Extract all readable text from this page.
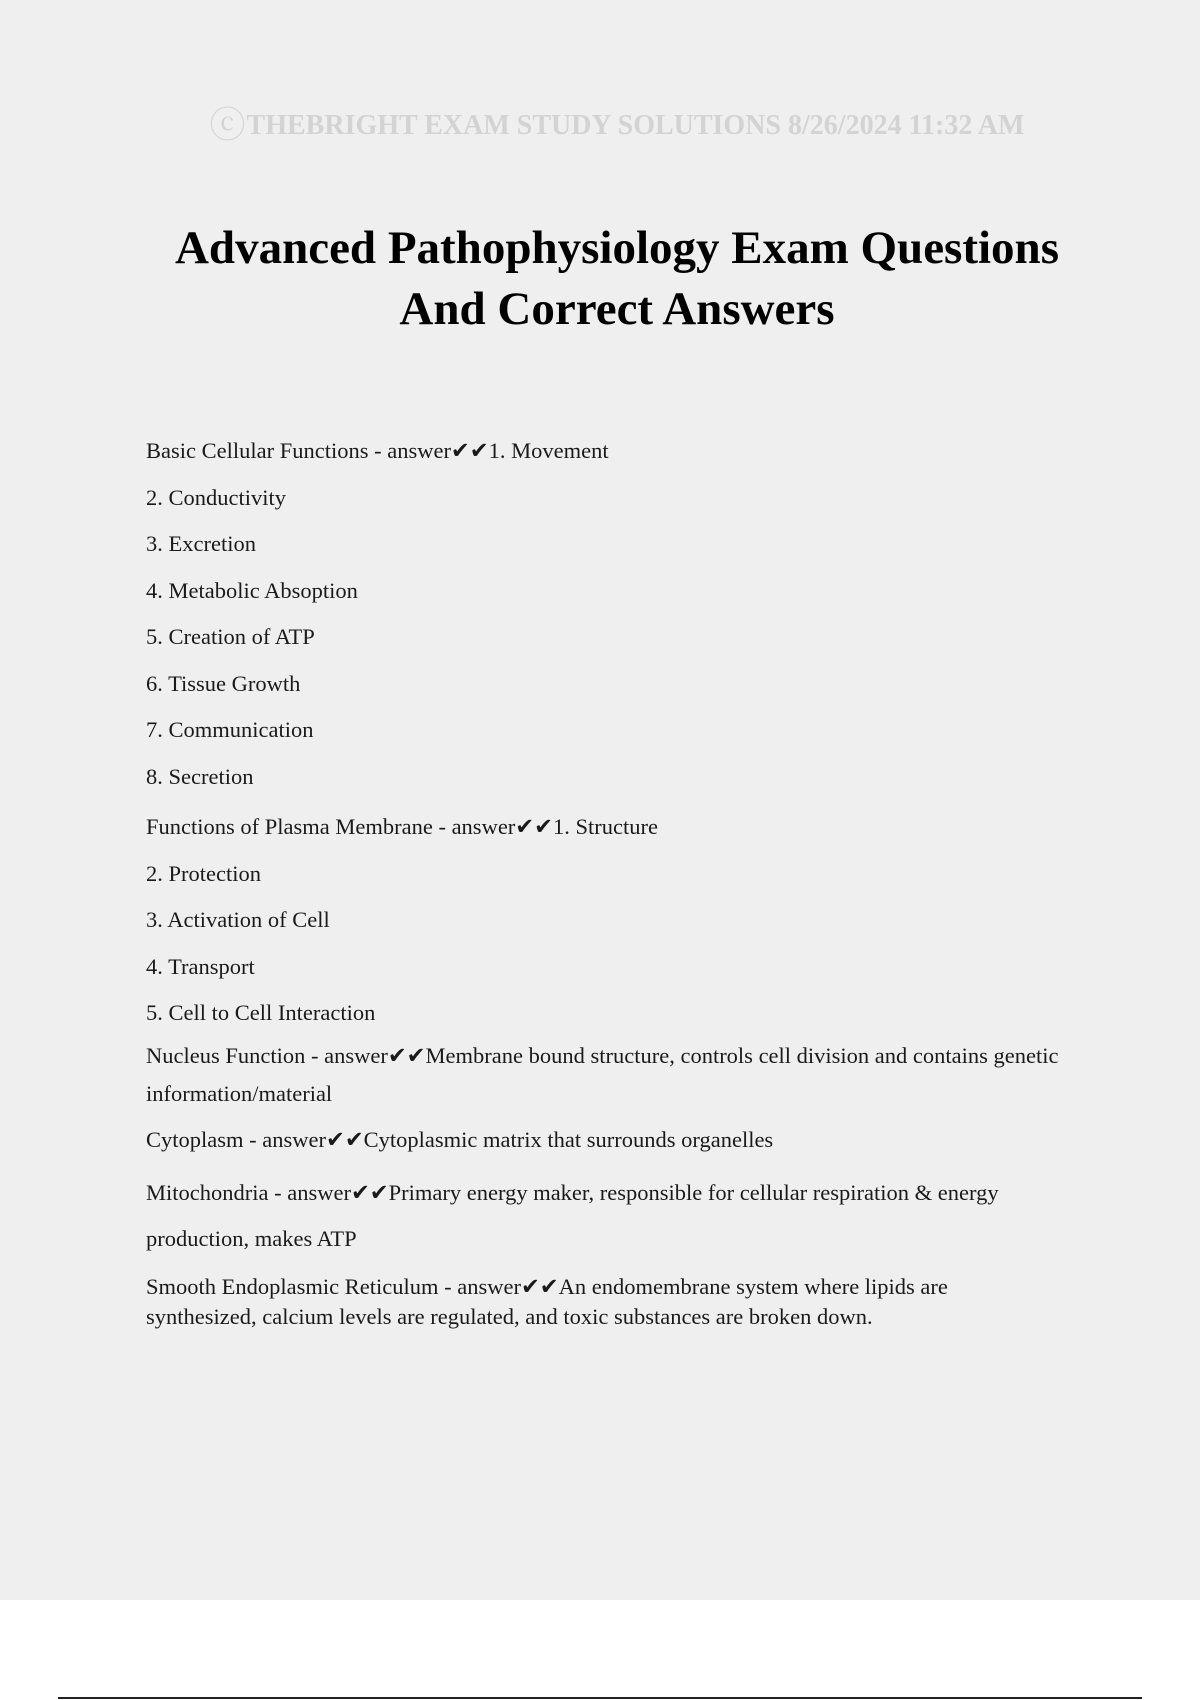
ⓒTHEBRIGHT EXAM STUDY SOLUTIONS 8/26/2024 11:32 AM
Advanced Pathophysiology Exam Questions
And Correct Answers
Basic Cellular Functions - answer✔✔1. Movement
2. Conductivity
3. Excretion
4. Metabolic Absoption
5. Creation of ATP
6. Tissue Growth
7. Communication
8. Secretion
Functions of Plasma Membrane - answer✔✔1. Structure
2. Protection
3. Activation of Cell
4. Transport
5. Cell to Cell Interaction
Nucleus Function - answer✔✔Membrane bound structure, controls cell division and contains genetic
information/material
Cytoplasm - answer✔✔Cytoplasmic matrix that surrounds organelles
Mitochondria - answer✔✔Primary energy maker, responsible for cellular respiration & energy
production, makes ATP
Smooth Endoplasmic Reticulum - answer✔✔An endomembrane system where lipids are synthesized, calcium levels are regulated, and toxic substances are broken down.
